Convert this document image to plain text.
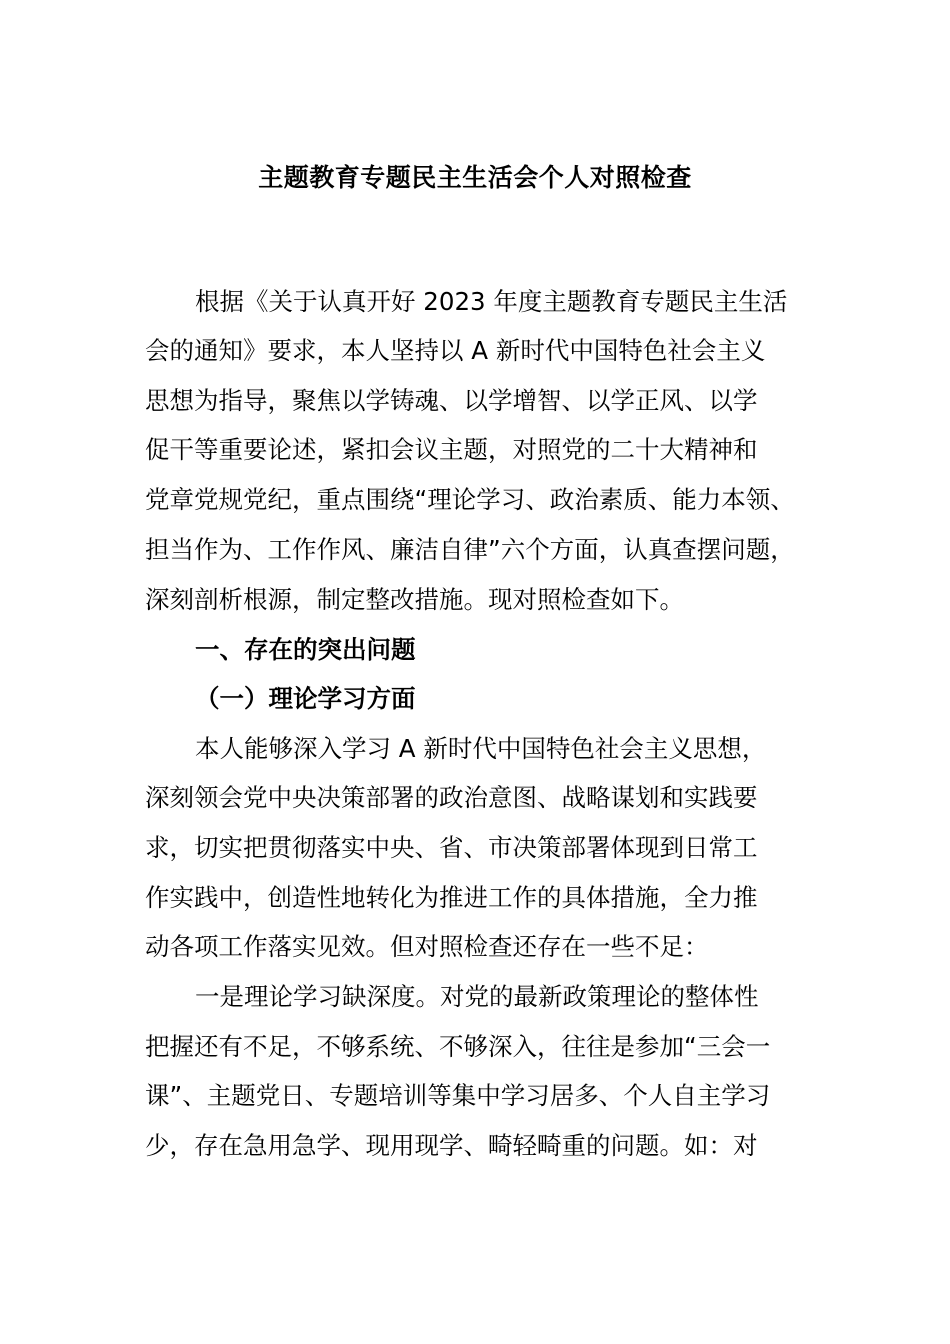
主题教育专题民主生活会个人对照检查
根据《关于认真开好 2023 年度主题教育专题民主生活
会的通知》要求，本人坚持以 A 新时代中国特色社会主义
思想为指导，聚焦以学铸魂、以学增智、以学正风、以学
促干等重要论述，紧扣会议主题，对照党的二十大精神和
党章党规党纪，重点围绕“理论学习、政治素质、能力本领、
担当作为、工作作风、廉洁自律”六个方面，认真查摆问题，
深刻剖析根源，制定整改措施。现对照检查如下。
一、存在的突出问题
（一）理论学习方面
本人能够深入学习 A 新时代中国特色社会主义思想，
深刻领会党中央决策部署的政治意图、战略谋划和实践要
求，切实把贯彻落实中央、省、市决策部署体现到日常工
作实践中，创造性地转化为推进工作的具体措施，全力推
动各项工作落实见效。但对照检查还存在一些不足：
一是理论学习缺深度。对党的最新政策理论的整体性
把握还有不足，不够系统、不够深入，往往是参加“三会一
课”、主题党日、专题培训等集中学习居多、个人自主学习
少，存在急用急学、现用现学、畸轻畸重的问题。如：对
